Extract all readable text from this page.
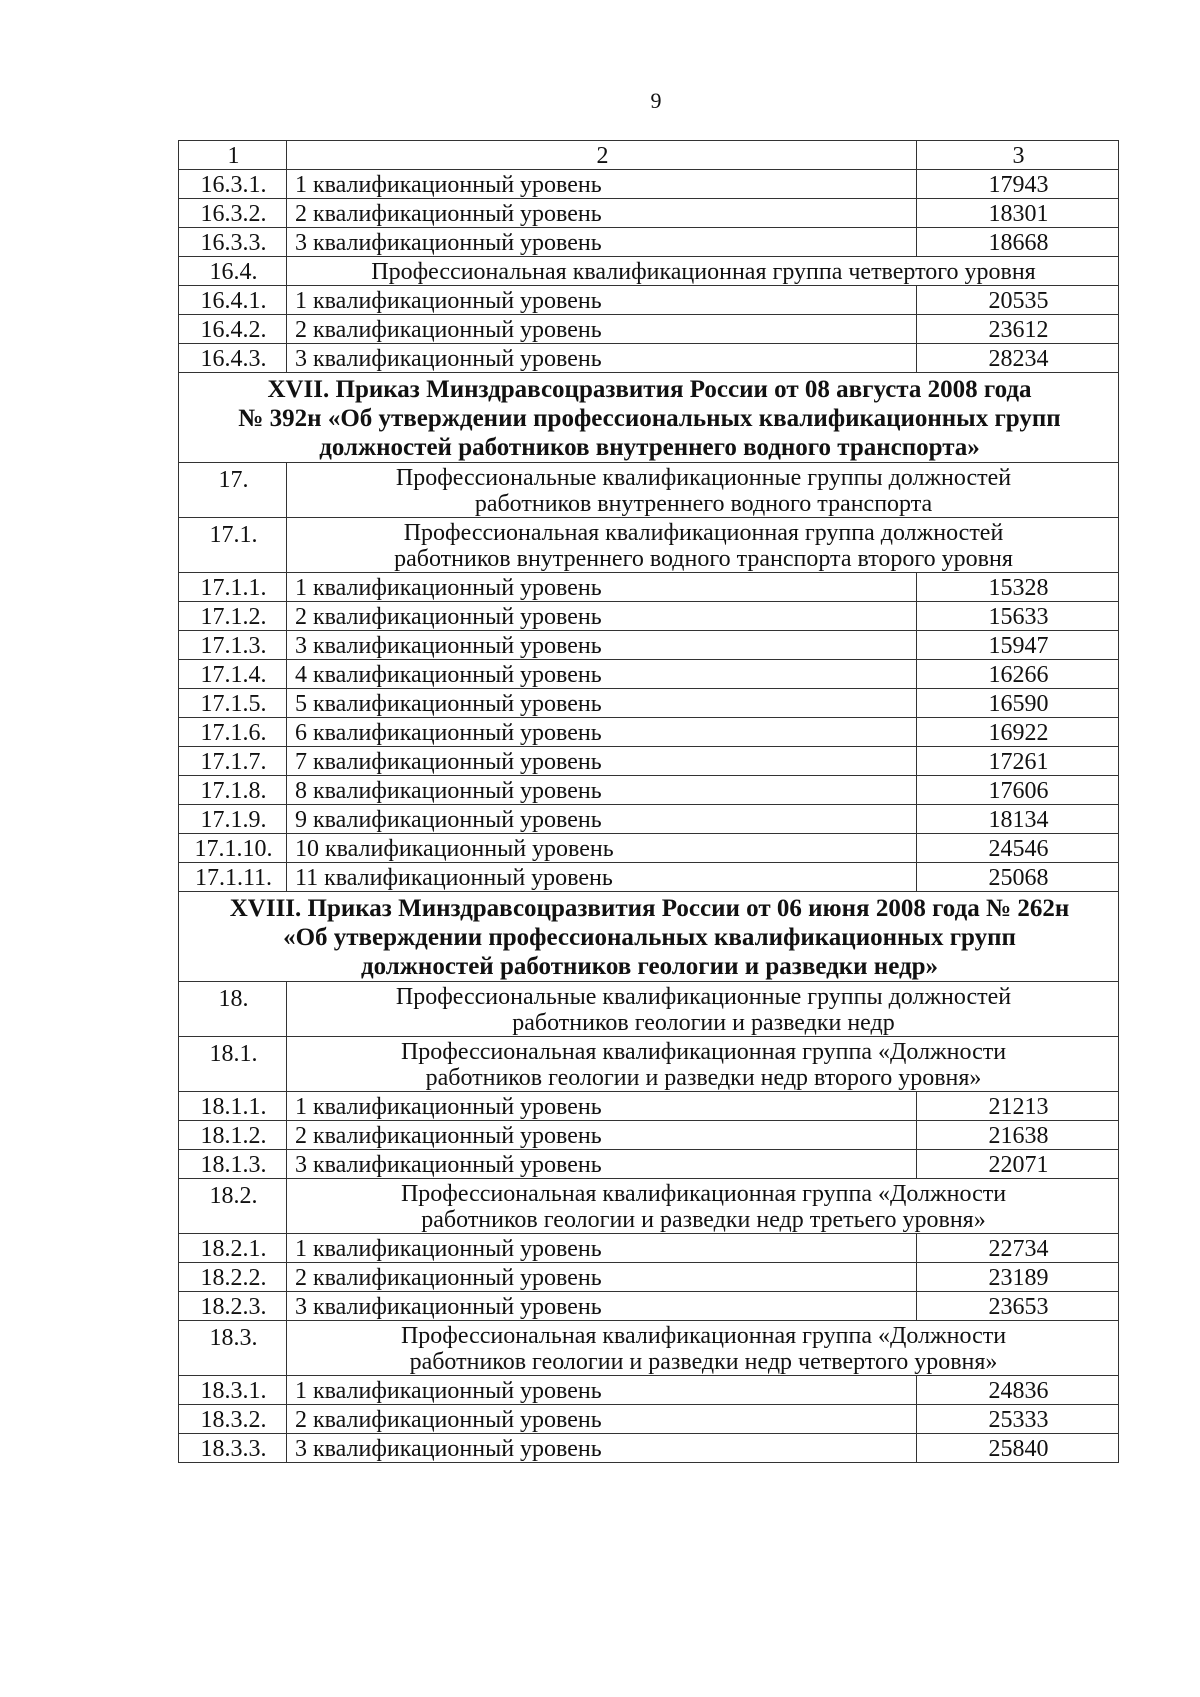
9
1	2	3
16.3.1.	1 квалификационный уровень	17943
16.3.2.	2 квалификационный уровень	18301
16.3.3.	3 квалификационный уровень	18668
16.4.	Профессиональная квалификационная группа четвертого уровня	
16.4.1.	1 квалификационный уровень	20535
16.4.2.	2 квалификационный уровень	23612
16.4.3.	3 квалификационный уровень	28234

XVII. Приказ Минздравсоцразвития России от 08 августа 2008 года
№ 392н «Об утверждении профессиональных квалификационных групп
должностей работников внутреннего водного транспорта»		

17.	Профессиональные квалификационные группы должностей
работников внутреннего водного транспорта	

17.1.	Профессиональная квалификационная группа должностей
работников внутреннего водного транспорта второго уровня	

17.1.1.	1 квалификационный уровень	15328
17.1.2.	2 квалификационный уровень	15633
17.1.3.	3 квалификационный уровень	15947
17.1.4.	4 квалификационный уровень	16266
17.1.5.	5 квалификационный уровень	16590
17.1.6.	6 квалификационный уровень	16922
17.1.7.	7 квалификационный уровень	17261
17.1.8.	8 квалификационный уровень	17606
17.1.9.	9 квалификационный уровень	18134
17.1.10.	10 квалификационный уровень	24546
17.1.11.	11 квалификационный уровень	25068

XVIII. Приказ Минздравсоцразвития России от 06 июня 2008 года № 262н
«Об утверждении профессиональных квалификационных групп
должностей работников геологии и разведки недр»		

18.	Профессиональные квалификационные группы должностей
работников геологии и разведки недр	

18.1.	Профессиональная квалификационная группа «Должности
работников геологии и разведки недр второго уровня»	

18.1.1.	1 квалификационный уровень	21213
18.1.2.	2 квалификационный уровень	21638
18.1.3.	3 квалификационный уровень	22071
18.2.	Профессиональная квалификационная группа «Должности
работников геологии и разведки недр третьего уровня»	

18.2.1.	1 квалификационный уровень	22734
18.2.2.	2 квалификационный уровень	23189
18.2.3.	3 квалификационный уровень	23653
18.3.	Профессиональная квалификационная группа «Должности
работников геологии и разведки недр четвертого уровня»	

18.3.1.	1 квалификационный уровень	24836
18.3.2.	2 квалификационный уровень	25333
18.3.3.	3 квалификационный уровень	25840
